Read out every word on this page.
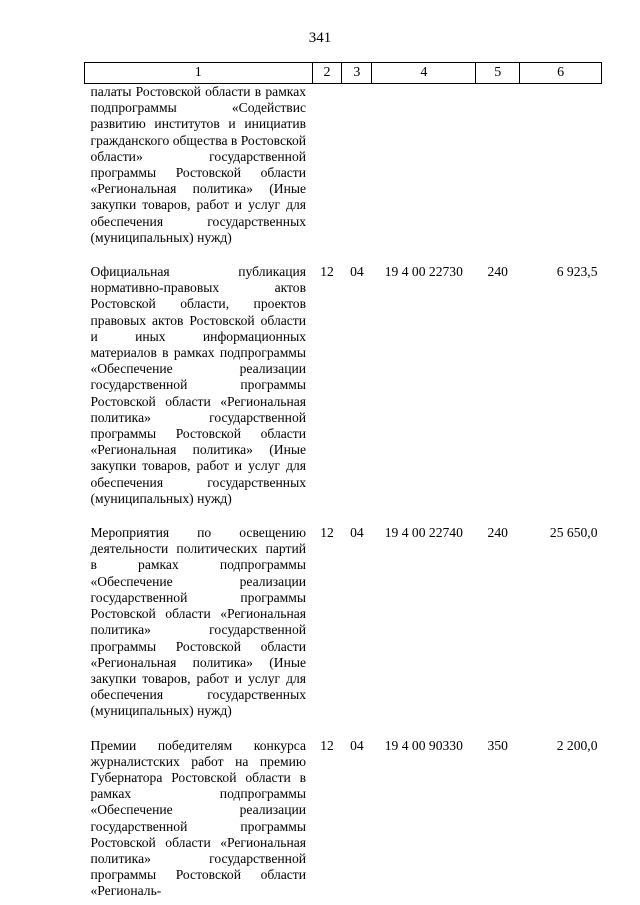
341
1	2	3	4	5	6
палаты Ростовской области в рамках подпрограммы «Содействис развитию институтов и инициатив гражданского общества в Ростовской области» государственной программы Ростовской области «Региональная политика» (Иные закупки товаров, работ и услуг для обеспечения государственных (муниципальных) нужд)					
Официальная публикация нормативно-правовых актов Ростовской области, проектов правовых актов Ростовской области и иных информационных материалов в рамках подпрограммы «Обеспечение реализации государственной программы Ростовской области «Региональная политика» государственной программы Ростовской области «Региональная политика» (Иные закупки товаров, работ и услуг для обеспечения государственных (муниципальных) нужд)	12	04	19 4 00 22730	240	6 923,5
Мероприятия по освещению деятельности политических партий в рамках подпрограммы «Обеспечение реализации государственной программы Ростовской области «Региональная политика» государственной программы Ростовской области «Региональная политика» (Иные закупки товаров, работ и услуг для обеспечения государственных (муниципальных) нужд)	12	04	19 4 00 22740	240	25 650,0
Премии победителям конкурса журналистских работ на премию Губернатора Ростовской области в рамках подпрограммы «Обеспечение реализации государственной программы Ростовской области «Региональная политика» государственной программы Ростовской области «Региональ-	12	04	19 4 00 90330	350	2 200,0
